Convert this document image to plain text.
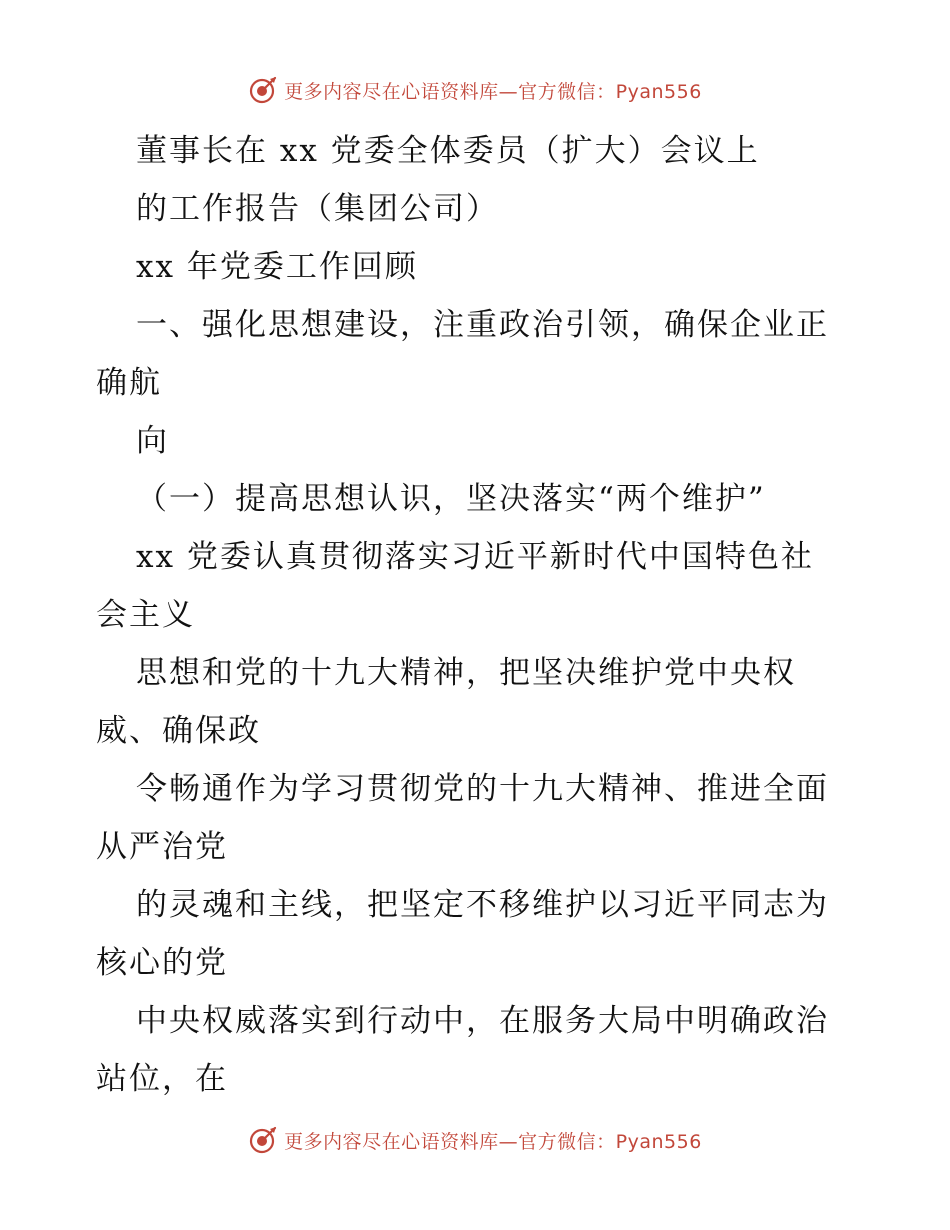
更多内容尽在心语资料库—官方微信：Pyan556
董事长在 xx 党委全体委员（扩大）会议上
的工作报告（集团公司）
xx 年党委工作回顾
一、强化思想建设，注重政治引领，确保企业正
确航
向
（一）提高思想认识，坚决落实“两个维护”
xx 党委认真贯彻落实习近平新时代中国特色社
会主义
思想和党的十九大精神，把坚决维护党中央权
威、确保政
令畅通作为学习贯彻党的十九大精神、推进全面
从严治党
的灵魂和主线，把坚定不移维护以习近平同志为
核心的党
中央权威落实到行动中，在服务大局中明确政治
站位，在
更多内容尽在心语资料库—官方微信：Pyan556
